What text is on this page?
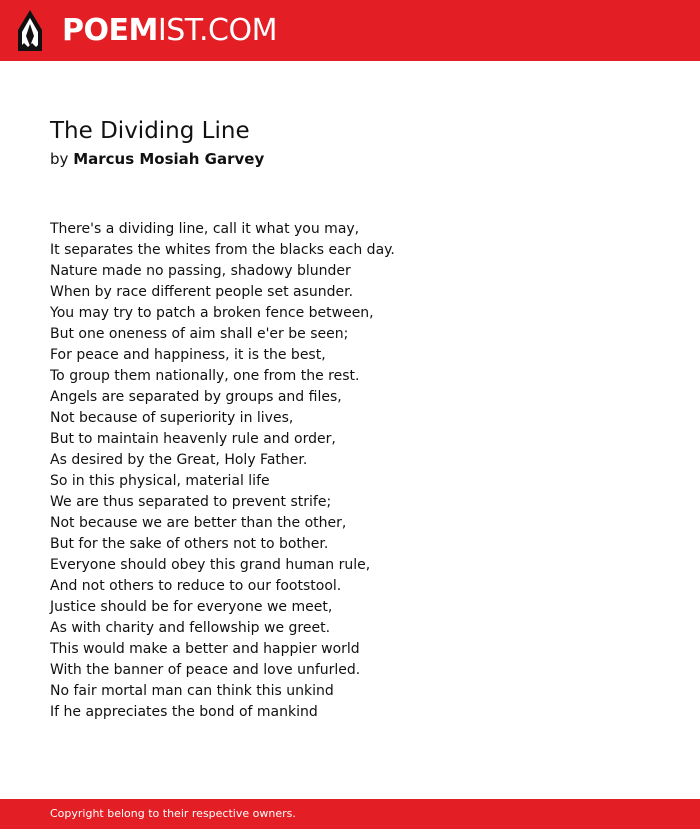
POEMIST.COM
The Dividing Line
by Marcus Mosiah Garvey
There's a dividing line, call it what you may,
It separates the whites from the blacks each day.
Nature made no passing, shadowy blunder
When by race different people set asunder.
You may try to patch a broken fence between,
But one oneness of aim shall e'er be seen;
For peace and happiness, it is the best,
To group them nationally, one from the rest.
Angels are separated by groups and files,
Not because of superiority in lives,
But to maintain heavenly rule and order,
As desired by the Great, Holy Father.
So in this physical, material life
We are thus separated to prevent strife;
Not because we are better than the other,
But for the sake of others not to bother.
Everyone should obey this grand human rule,
And not others to reduce to our footstool.
Justice should be for everyone we meet,
As with charity and fellowship we greet.
This would make a better and happier world
With the banner of peace and love unfurled.
No fair mortal man can think this unkind
If he appreciates the bond of mankind
Copyright belong to their respective owners.
